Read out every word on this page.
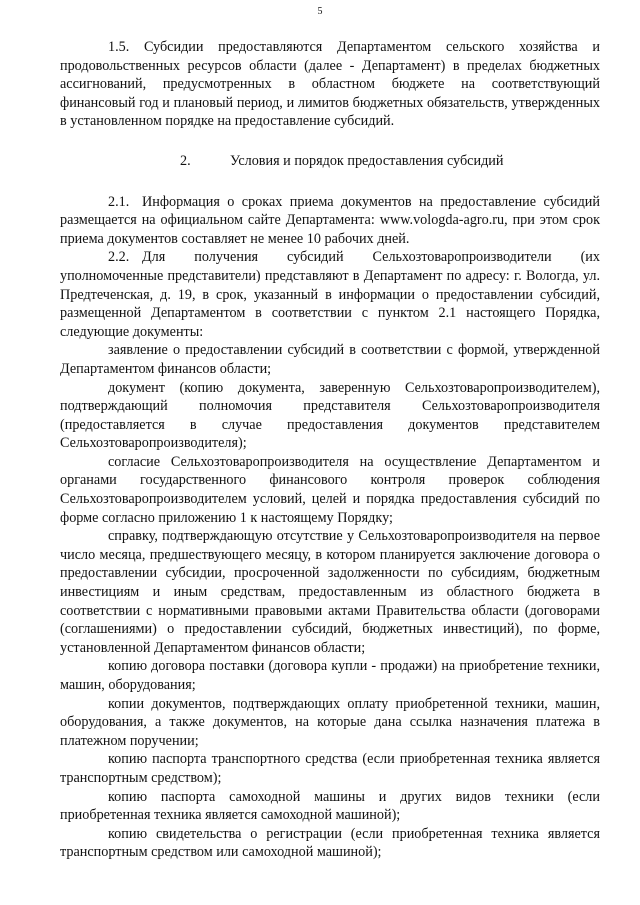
5

1.5. Субсидии предоставляются Департаментом сельского хозяйства и продовольственных ресурсов области (далее - Департамент) в пределах бюджетных ассигнований, предусмотренных в областном бюджете на соответствующий финансовый год и плановый период, и лимитов бюджетных обязательств, утвержденных в установленном порядке на предоставление субсидий.

2.	Условия и порядок предоставления субсидий

2.1. Информация о сроках приема документов на предоставление субсидий размещается на официальном сайте Департамента: www.vologda-agro.ru, при этом срок приема документов составляет не менее 10 рабочих дней.

2.2. Для получения субсидий Сельхозтоваропроизводители (их уполномоченные представители) представляют в Департамент по адресу: г. Вологда, ул. Предтеченская, д. 19, в срок, указанный в информации о предоставлении субсидий, размещенной Департаментом в соответствии с пунктом 2.1 настоящего Порядка, следующие документы:

заявление о предоставлении субсидий в соответствии с формой, утвержденной Департаментом финансов области;

документ (копию документа, заверенную Сельхозтоваропроизводителем), подтверждающий полномочия представителя Сельхозтоваропроизводителя (предоставляется в случае предоставления документов представителем Сельхозтоваропроизводителя);

согласие Сельхозтоваропроизводителя на осуществление Департаментом и органами государственного финансового контроля проверок соблюдения Сельхозтоваропроизводителем условий, целей и порядка предоставления субсидий по форме согласно приложению 1 к настоящему Порядку;

справку, подтверждающую отсутствие у Сельхозтоваропроизводителя на первое число месяца, предшествующего месяцу, в котором планируется заключение договора о предоставлении субсидии, просроченной задолженности по субсидиям, бюджетным инвестициям и иным средствам, предоставленным из областного бюджета в соответствии с нормативными правовыми актами Правительства области (договорами (соглашениями) о предоставлении субсидий, бюджетных инвестиций), по форме, установленной Департаментом финансов области;

копию договора поставки (договора купли - продажи) на приобретение техники, машин, оборудования;

копии документов, подтверждающих оплату приобретенной техники, машин, оборудования, а также документов, на которые дана ссылка назначения платежа в платежном поручении;

копию паспорта транспортного средства (если приобретенная техника является транспортным средством);

копию паспорта самоходной машины и других видов техники (если приобретенная техника является самоходной машиной);

копию свидетельства о регистрации (если приобретенная техника является транспортным средством или самоходной машиной);
